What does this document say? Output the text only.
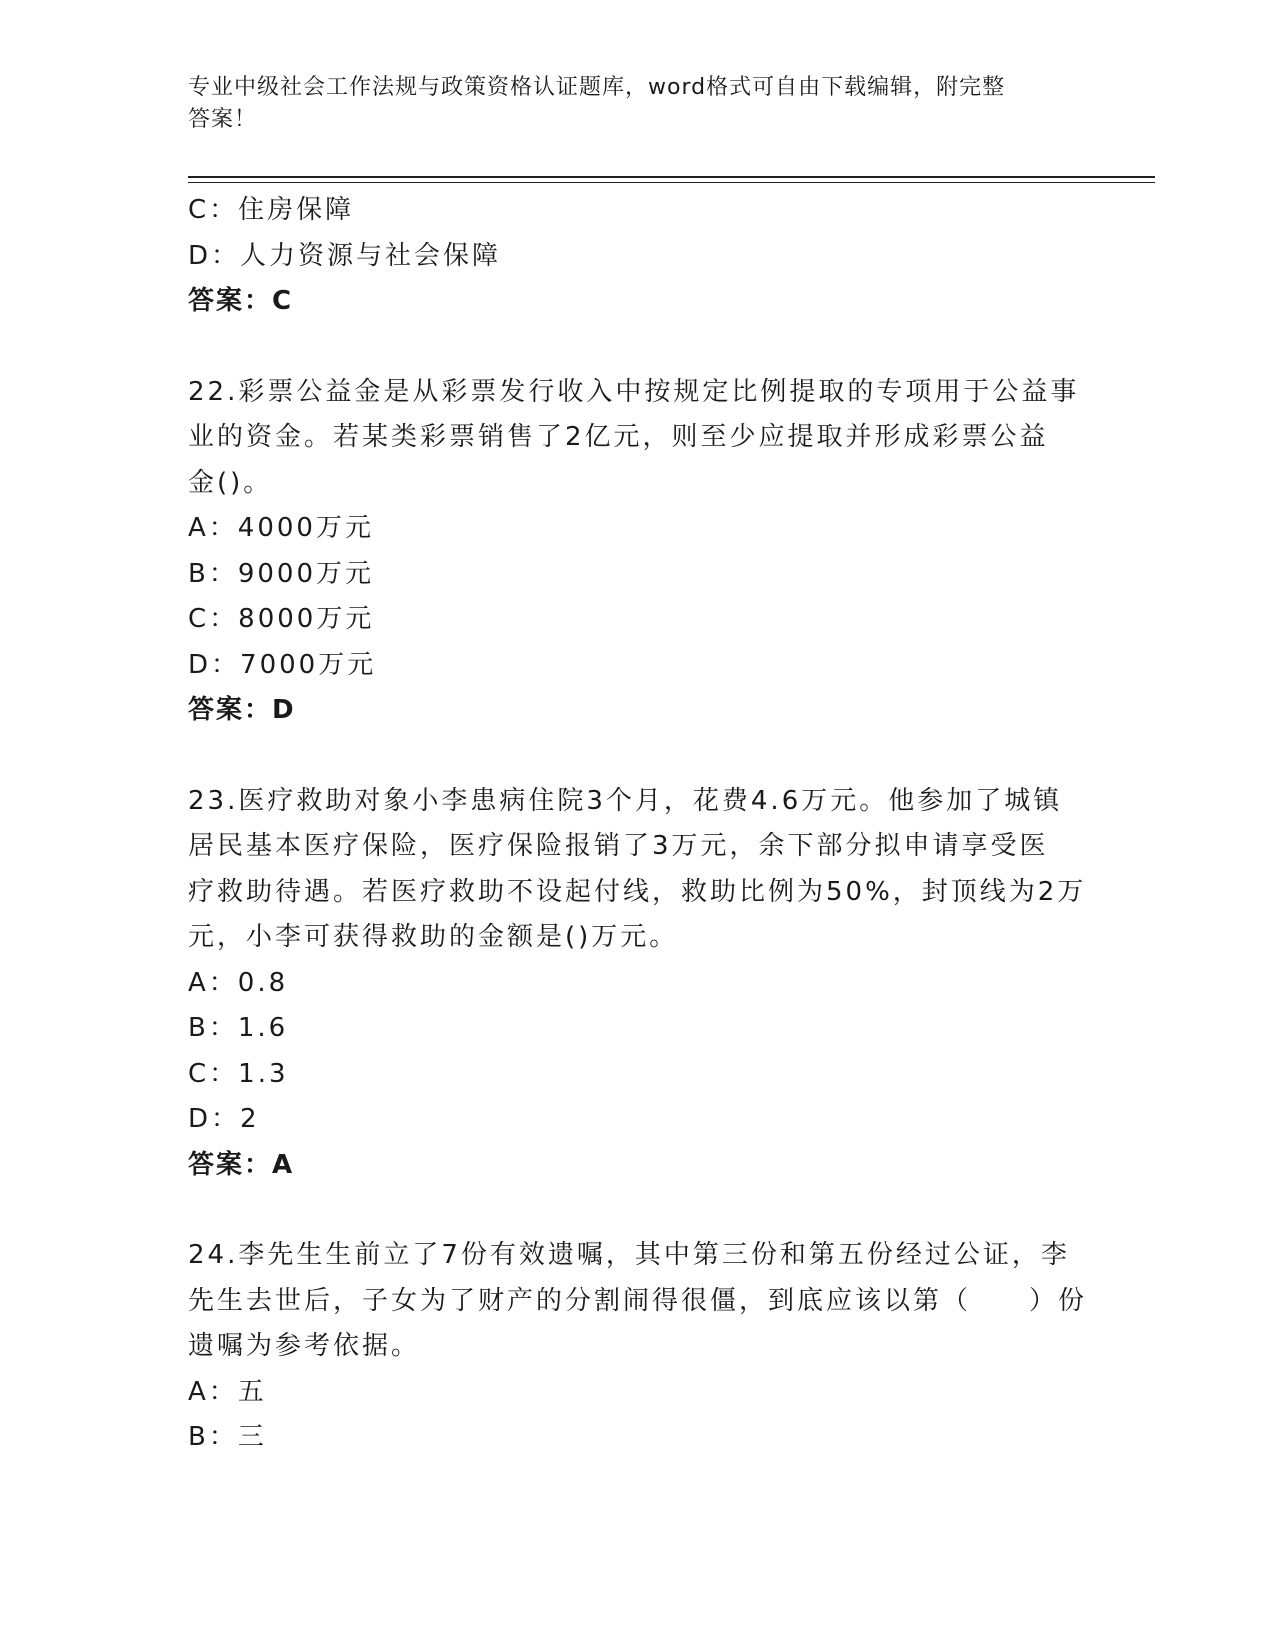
专业中级社会工作法规与政策资格认证题库，word格式可自由下载编辑，附完整
答案！
C：住房保障
D：人力资源与社会保障
答案：C
22.彩票公益金是从彩票发行收入中按规定比例提取的专项用于公益事
业的资金。若某类彩票销售了2亿元，则至少应提取并形成彩票公益
金()。
A：4000万元
B：9000万元
C：8000万元
D：7000万元
答案：D
23.医疗救助对象小李患病住院3个月，花费4.6万元。他参加了城镇
居民基本医疗保险，医疗保险报销了3万元，余下部分拟申请享受医
疗救助待遇。若医疗救助不设起付线，救助比例为50%，封顶线为2万
元，小李可获得救助的金额是()万元。
A：0.8
B：1.6
C：1.3
D：2
答案：A
24.李先生生前立了7份有效遗嘱，其中第三份和第五份经过公证，李
先生去世后，子女为了财产的分割闹得很僵，到底应该以第（　　）份
遗嘱为参考依据。
A：五
B：三
